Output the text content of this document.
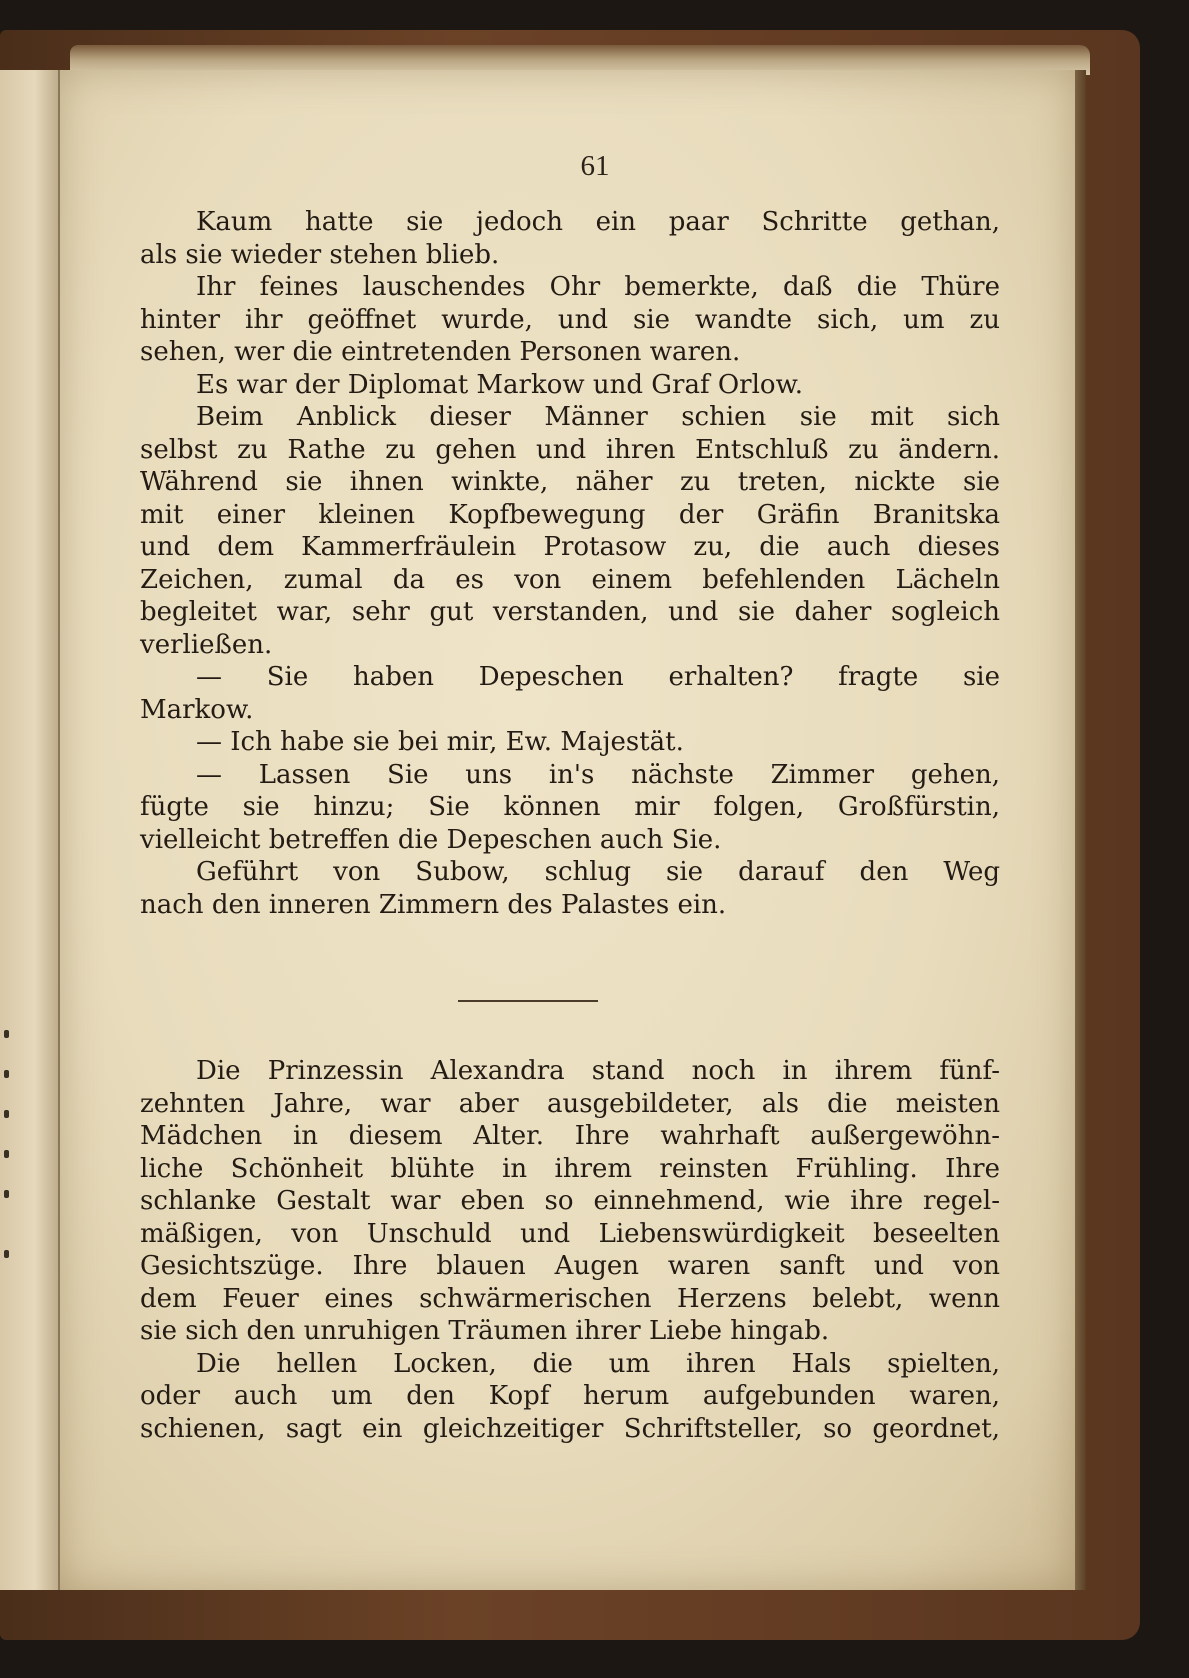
61
Kaum hatte sie jedoch ein paar Schritte gethan,
als sie wieder stehen blieb.
Ihr feines lauschendes Ohr bemerkte, daß die Thüre
hinter ihr geöffnet wurde, und sie wandte sich, um zu
sehen, wer die eintretenden Personen waren.
Es war der Diplomat Markow und Graf Orlow.
Beim Anblick dieser Männer schien sie mit sich
selbst zu Rathe zu gehen und ihren Entschluß zu ändern.
Während sie ihnen winkte, näher zu treten, nickte sie
mit einer kleinen Kopfbewegung der Gräfin Branitska
und dem Kammerfräulein Protasow zu, die auch dieses
Zeichen, zumal da es von einem befehlenden Lächeln
begleitet war, sehr gut verstanden, und sie daher sogleich
verließen.
— Sie haben Depeschen erhalten? fragte sie
Markow.
— Ich habe sie bei mir, Ew. Majestät.
— Lassen Sie uns in's nächste Zimmer gehen,
fügte sie hinzu; Sie können mir folgen, Großfürstin,
vielleicht betreffen die Depeschen auch Sie.
Geführt von Subow, schlug sie darauf den Weg
nach den inneren Zimmern des Palastes ein.
Die Prinzessin Alexandra stand noch in ihrem fünf-
zehnten Jahre, war aber ausgebildeter, als die meisten
Mädchen in diesem Alter. Ihre wahrhaft außergewöhn-
liche Schönheit blühte in ihrem reinsten Frühling. Ihre
schlanke Gestalt war eben so einnehmend, wie ihre regel-
mäßigen, von Unschuld und Liebenswürdigkeit beseelten
Gesichtszüge. Ihre blauen Augen waren sanft und von
dem Feuer eines schwärmerischen Herzens belebt, wenn
sie sich den unruhigen Träumen ihrer Liebe hingab.
Die hellen Locken, die um ihren Hals spielten,
oder auch um den Kopf herum aufgebunden waren,
schienen, sagt ein gleichzeitiger Schriftsteller, so geordnet,
